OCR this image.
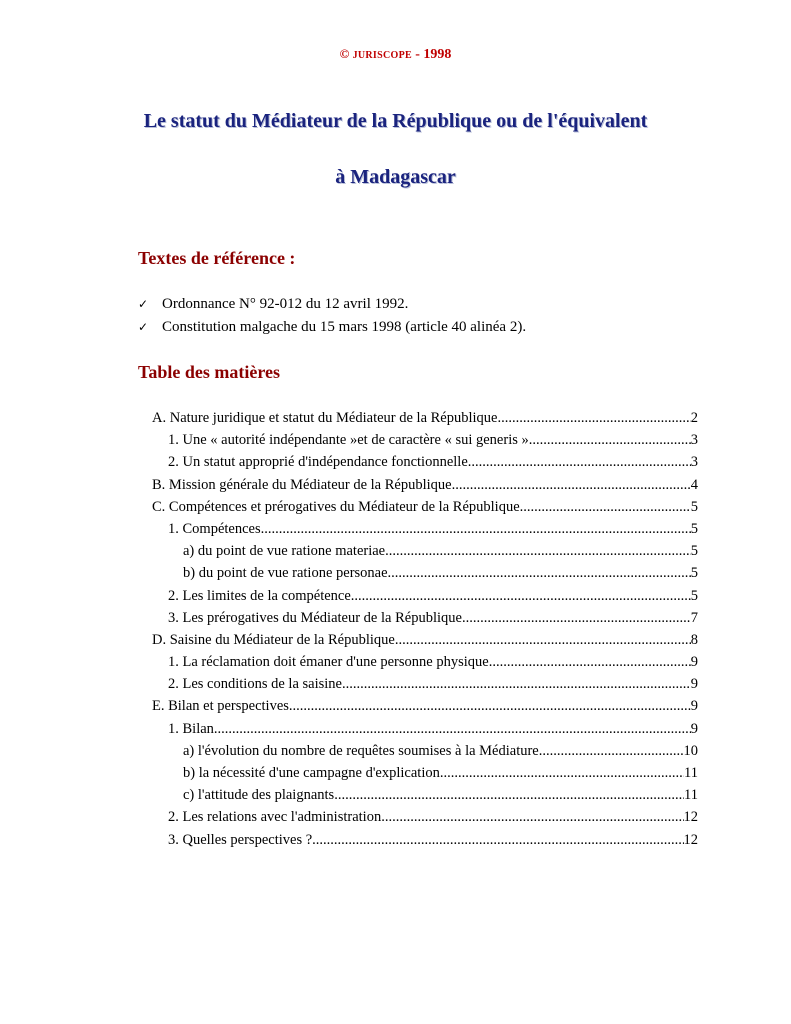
© JURISCOPE - 1998
Le statut du Médiateur de la République ou de l'équivalent
à Madagascar
Textes de référence :
✓ Ordonnance N° 92-012 du 12 avril 1992.
✓ Constitution malgache du 15 mars 1998 (article 40 alinéa 2).
Table des matières
A. Nature juridique et statut du Médiateur de la République .....	2
1. Une « autorité indépendante »et de caractère « sui generis » .....	3
2. Un statut approprié d'indépendance fonctionnelle .....	3
B. Mission générale du Médiateur de la République .....	4
C. Compétences et prérogatives du Médiateur de la République .....	5
1. Compétences .....	5
a) du point de vue ratione materiae .....	5
b) du point de vue ratione personae .....	5
2. Les limites de la compétence .....	5
3. Les prérogatives du Médiateur de la République .....	7
D. Saisine du Médiateur de la République .....	8
1. La réclamation doit émaner d'une personne physique .....	9
2. Les conditions de la saisine .....	9
E. Bilan et perspectives .....	9
1. Bilan .....	9
a) l'évolution du nombre de requêtes soumises à la Médiature .....	10
b) la nécessité d'une campagne d'explication .....	11
c) l'attitude des plaignants .....	11
2. Les relations avec l'administration .....	12
3. Quelles perspectives ? .....	12
